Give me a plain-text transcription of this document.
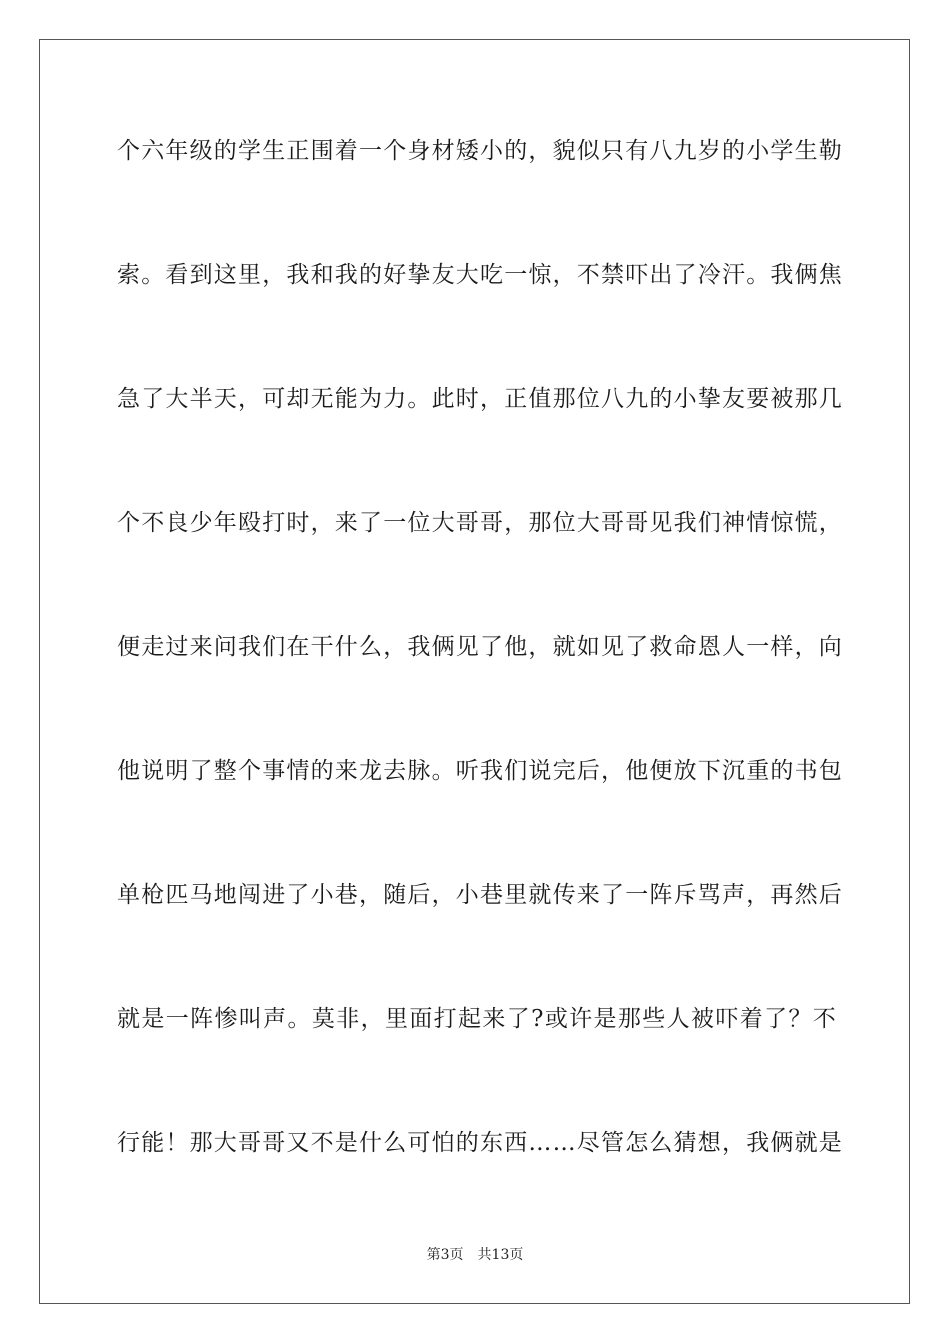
个六年级的学生正围着一个身材矮小的，貌似只有八九岁的小学生勒

索。看到这里，我和我的好挚友大吃一惊，不禁吓出了冷汗。我俩焦

急了大半天，可却无能为力。此时，正值那位八九的小挚友要被那几

个不良少年殴打时，来了一位大哥哥，那位大哥哥见我们神情惊慌，

便走过来问我们在干什么，我俩见了他，就如见了救命恩人一样，向

他说明了整个事情的来龙去脉。听我们说完后，他便放下沉重的书包

单枪匹马地闯进了小巷，随后，小巷里就传来了一阵斥骂声，再然后

就是一阵惨叫声。莫非，里面打起来了?或许是那些人被吓着了？不

行能！那大哥哥又不是什么可怕的东西……尽管怎么猜想，我俩就是

第3页 共13页
